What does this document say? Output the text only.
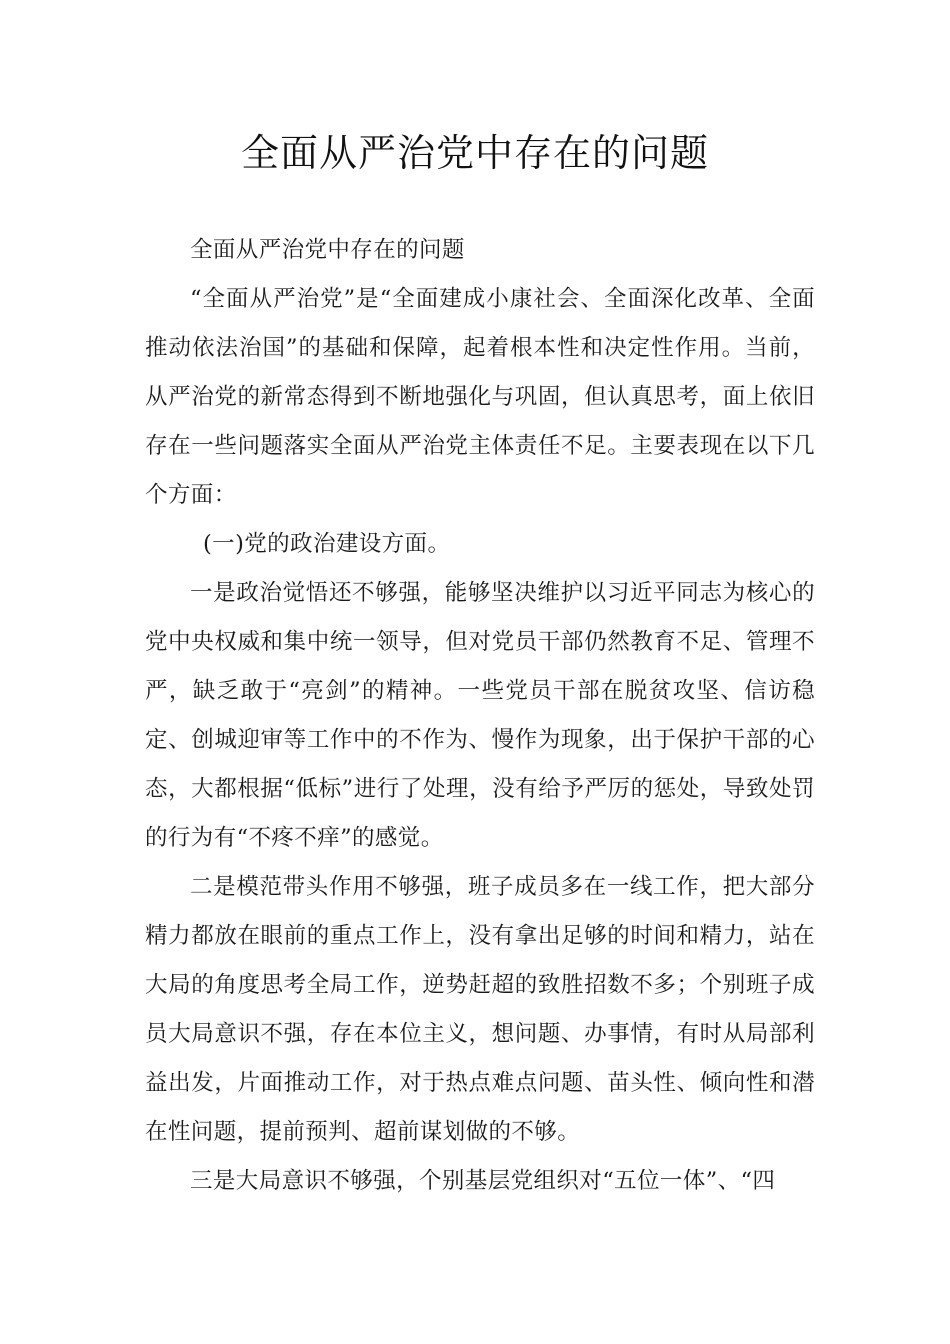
全面从严治党中存在的问题

全面从严治党中存在的问题

“全面从严治党”是“全面建成小康社会、全面深化改革、全面推动依法治国”的基础和保障，起着根本性和决定性作用。当前，从严治党的新常态得到不断地强化与巩固，但认真思考，面上依旧存在一些问题落实全面从严治党主体责任不足。主要表现在以下几个方面：

(一)党的政治建设方面。

一是政治觉悟还不够强，能够坚决维护以习近平同志为核心的党中央权威和集中统一领导，但对党员干部仍然教育不足、管理不严，缺乏敢于“亮剑”的精神。一些党员干部在脱贫攻坚、信访稳定、创城迎审等工作中的不作为、慢作为现象，出于保护干部的心态，大都根据“低标”进行了处理，没有给予严厉的惩处，导致处罚的行为有“不疼不痒”的感觉。

二是模范带头作用不够强，班子成员多在一线工作，把大部分精力都放在眼前的重点工作上，没有拿出足够的时间和精力，站在大局的角度思考全局工作，逆势赶超的致胜招数不多；个别班子成员大局意识不强，存在本位主义，想问题、办事情，有时从局部利益出发，片面推动工作，对于热点难点问题、苗头性、倾向性和潜在性问题，提前预判、超前谋划做的不够。

三是大局意识不够强，个别基层党组织对“五位一体”、“四
